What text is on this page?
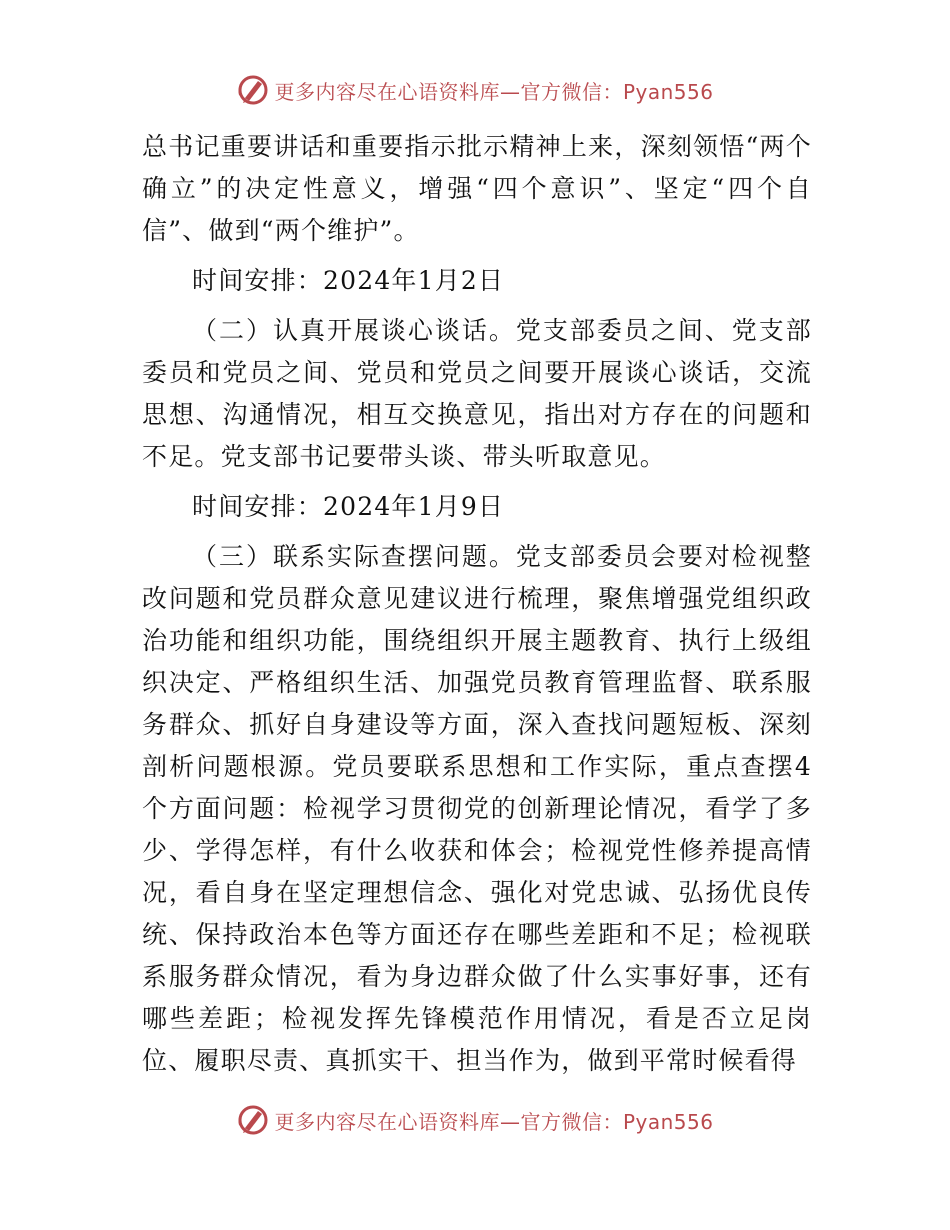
更多内容尽在心语资料库—官方微信：Pyan556

总书记重要讲话和重要指示批示精神上来，深刻领悟“两个确立”的决定性意义，增强“四个意识”、坚定“四个自信”、做到“两个维护”。

时间安排：2024年1月2日

（二）认真开展谈心谈话。党支部委员之间、党支部委员和党员之间、党员和党员之间要开展谈心谈话，交流思想、沟通情况，相互交换意见，指出对方存在的问题和不足。党支部书记要带头谈、带头听取意见。

时间安排：2024年1月9日

（三）联系实际查摆问题。党支部委员会要对检视整改问题和党员群众意见建议进行梳理，聚焦增强党组织政治功能和组织功能，围绕组织开展主题教育、执行上级组织决定、严格组织生活、加强党员教育管理监督、联系服务群众、抓好自身建设等方面，深入查找问题短板、深刻剖析问题根源。党员要联系思想和工作实际，重点查摆4个方面问题：检视学习贯彻党的创新理论情况，看学了多少、学得怎样，有什么收获和体会；检视党性修养提高情况，看自身在坚定理想信念、强化对党忠诚、弘扬优良传统、保持政治本色等方面还存在哪些差距和不足；检视联系服务群众情况，看为身边群众做了什么实事好事，还有哪些差距；检视发挥先锋模范作用情况，看是否立足岗位、履职尽责、真抓实干、担当作为，做到平常时候看得

更多内容尽在心语资料库—官方微信：Pyan556
